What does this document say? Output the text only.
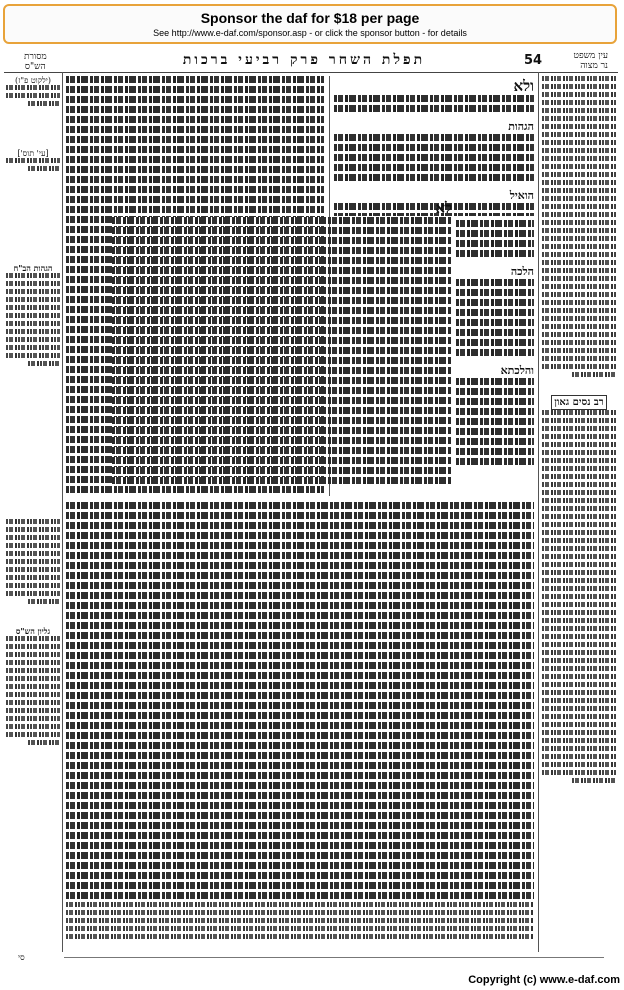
Sponsor the daf for $18 per page
See http://www.e-daf.com/sponsor.asp - or click the sponsor button - for details
מסורת
הש"ס	תפלת השחר פרק רביעי ברכות	54	עין משפט
נר מצוה
(ילקוט פ"ז)
[עי' תוס']
הגהות הב"ח
גליון הש"ס
ולא
הגהות
הואיל
לא
הלכה
והלכתא
רב נסים גאון
סי
Copyright (c) www.e-daf.com
